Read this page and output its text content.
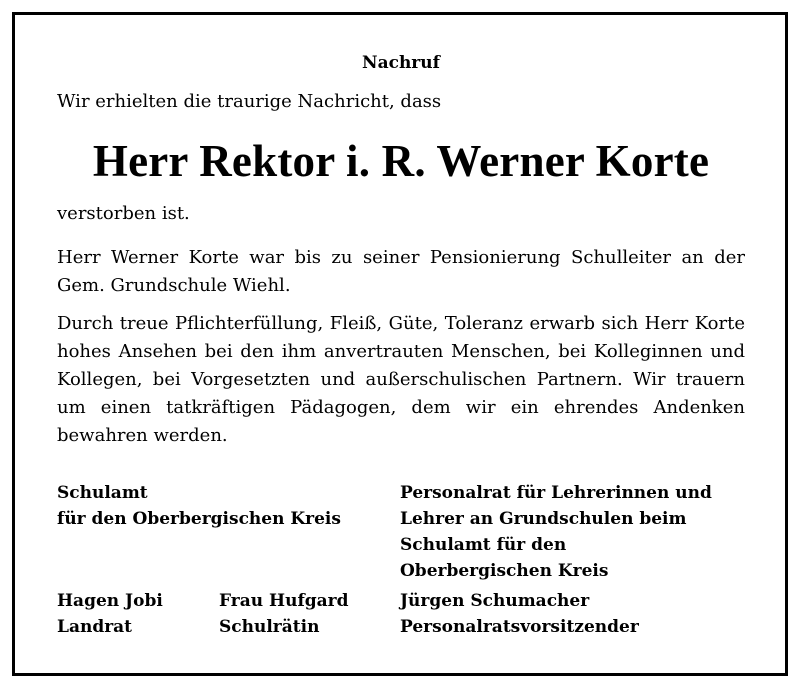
Nachruf
Wir erhielten die traurige Nachricht, dass
Herr Rektor i. R. Werner Korte
verstorben ist.
Herr Werner Korte war bis zu seiner Pensionierung Schulleiter an der Gem. Grundschule Wiehl.
Durch treue Pflichterfüllung, Fleiß, Güte, Toleranz erwarb sich Herr Korte hohes Ansehen bei den ihm anvertrauten Menschen, bei Kolleginnen und Kollegen, bei Vorgesetzten und außerschulischen Partnern. Wir trauern um einen tatkräftigen Pädagogen, dem wir ein ehrendes Andenken bewahren werden.
Schulamt
für den Oberbergischen Kreis
Personalrat für Lehrerinnen und
Lehrer an Grundschulen beim
Schulamt für den
Oberbergischen Kreis
Hagen Jobi
Landrat
Frau Hufgard
Schulrätin
Jürgen Schumacher
Personalratsvorsitzender
